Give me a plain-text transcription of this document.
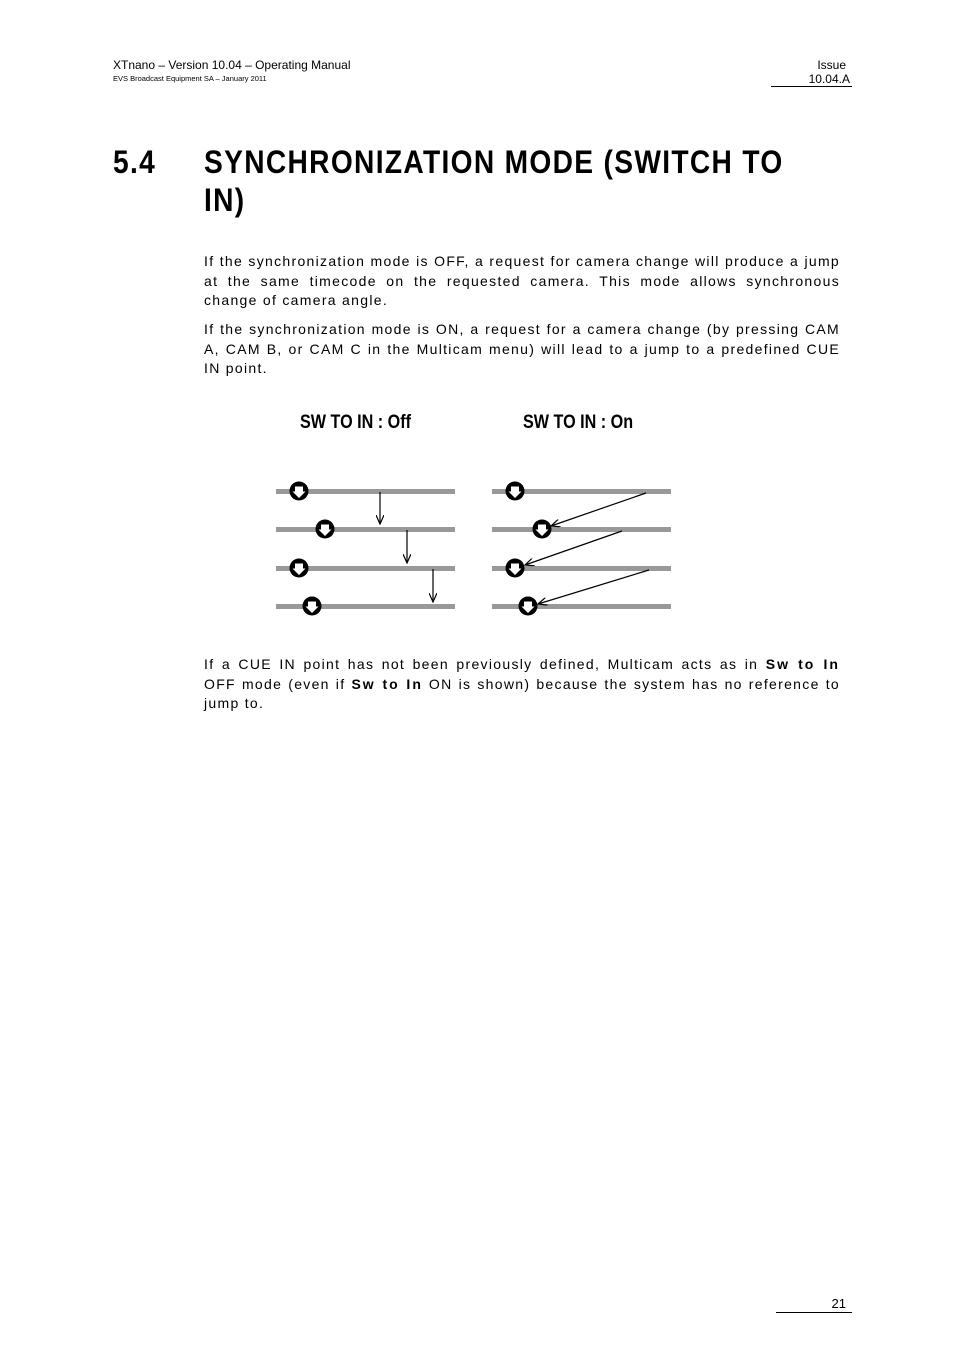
XTnano – Version 10.04 – Operating Manual
EVS Broadcast Equipment SA – January 2011
Issue
10.04.A
5.4 SYNCHRONIZATION MODE (SWITCH TO IN)

If the synchronization mode is OFF, a request for camera change will produce a jump at the same timecode on the requested camera. This mode allows synchronous change of camera angle.

If the synchronization mode is ON, a request for a camera change (by pressing CAM A, CAM B, or CAM C in the Multicam menu) will lead to a jump to a predefined CUE IN point.

SW TO IN : Off	SW TO IN : On

If a CUE IN point has not been previously defined, Multicam acts as in Sw to In OFF mode (even if Sw to In ON is shown) because the system has no reference to jump to.

21
